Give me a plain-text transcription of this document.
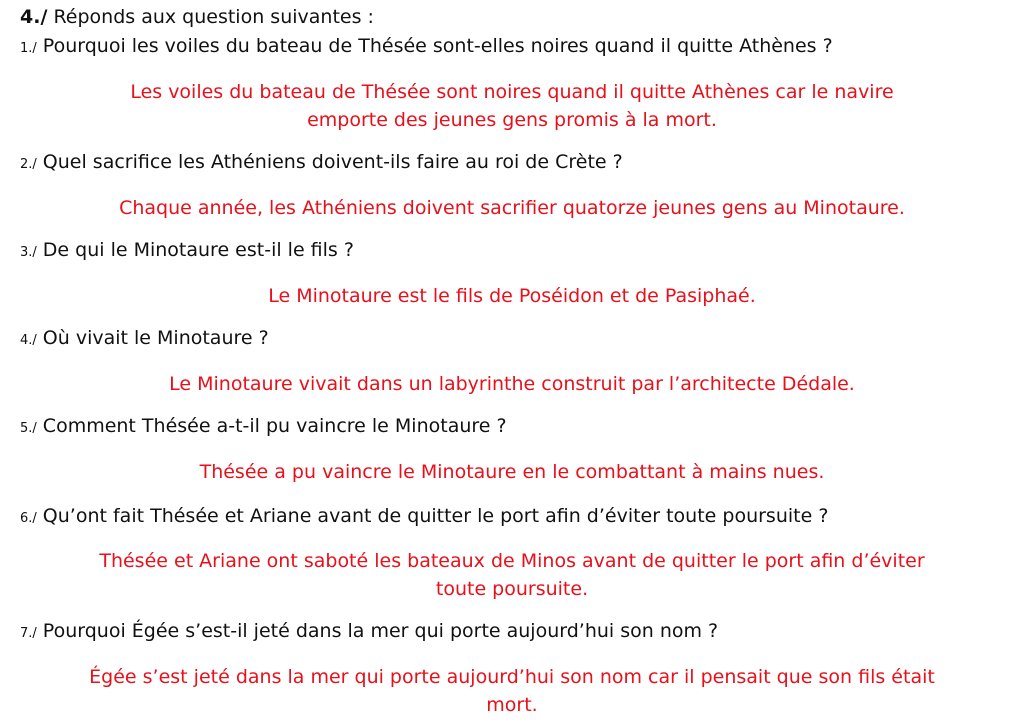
4./ Réponds aux question suivantes :
1./ Pourquoi les voiles du bateau de Thésée sont-elles noires quand il quitte Athènes ?
Les voiles du bateau de Thésée sont noires quand il quitte Athènes car le navire
emporte des jeunes gens promis à la mort.
2./ Quel sacrifice les Athéniens doivent-ils faire au roi de Crète ?
Chaque année, les Athéniens doivent sacrifier quatorze jeunes gens au Minotaure.
3./ De qui le Minotaure est-il le fils ?
Le Minotaure est le fils de Poséidon et de Pasiphaé.
4./ Où vivait le Minotaure ?
Le Minotaure vivait dans un labyrinthe construit par l’architecte Dédale.
5./ Comment Thésée a-t-il pu vaincre le Minotaure ?
Thésée a pu vaincre le Minotaure en le combattant à mains nues.
6./ Qu’ont fait Thésée et Ariane avant de quitter le port afin d’éviter toute poursuite ?
Thésée et Ariane ont saboté les bateaux de Minos avant de quitter le port afin d’éviter
toute poursuite.
7./ Pourquoi Égée s’est-il jeté dans la mer qui porte aujourd’hui son nom ?
Égée s’est jeté dans la mer qui porte aujourd’hui son nom car il pensait que son fils était
mort.
